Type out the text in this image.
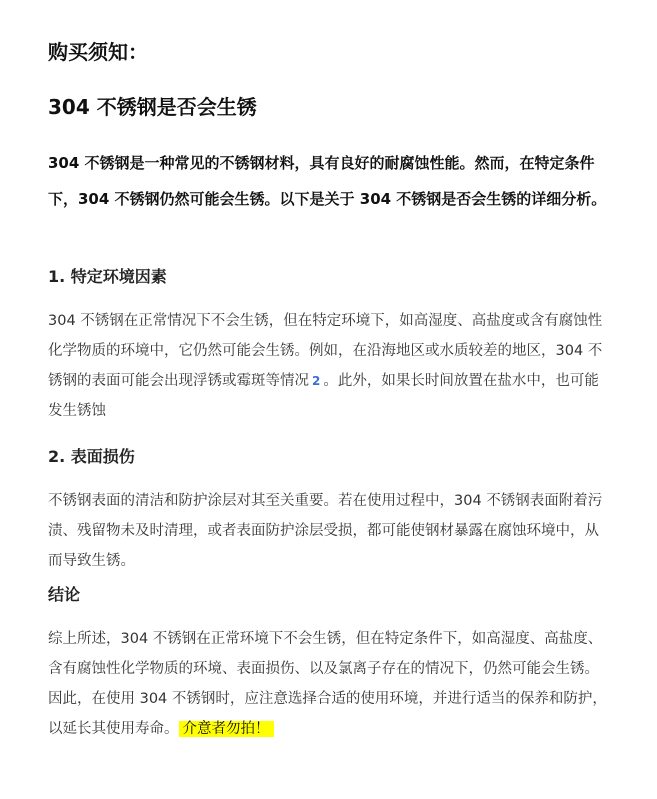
购买须知：
304 不锈钢是否会生锈

304 不锈钢是一种常见的不锈钢材料，具有良好的耐腐蚀性能。然而，在特定条件下，304 不锈钢仍然可能会生锈。以下是关于 304 不锈钢是否会生锈的详细分析。

1. 特定环境因素

304 不锈钢在正常情况下不会生锈，但在特定环境下，如高湿度、高盐度或含有腐蚀性化学物质的环境中，它仍然可能会生锈。例如，在沿海地区或水质较差的地区，304 不锈钢的表面可能会出现浮锈或霉斑等情况 2 。此外，如果长时间放置在盐水中，也可能发生锈蚀

2. 表面损伤

不锈钢表面的清洁和防护涂层对其至关重要。若在使用过程中，304 不锈钢表面附着污渍、残留物未及时清理，或者表面防护涂层受损，都可能使钢材暴露在腐蚀环境中，从而导致生锈。

结论

综上所述，304 不锈钢在正常环境下不会生锈，但在特定条件下，如高湿度、高盐度、含有腐蚀性化学物质的环境、表面损伤、以及氯离子存在的情况下，仍然可能会生锈。因此，在使用 304 不锈钢时，应注意选择合适的使用环境，并进行适当的保养和防护，以延长其使用寿命。 介意者勿拍！
